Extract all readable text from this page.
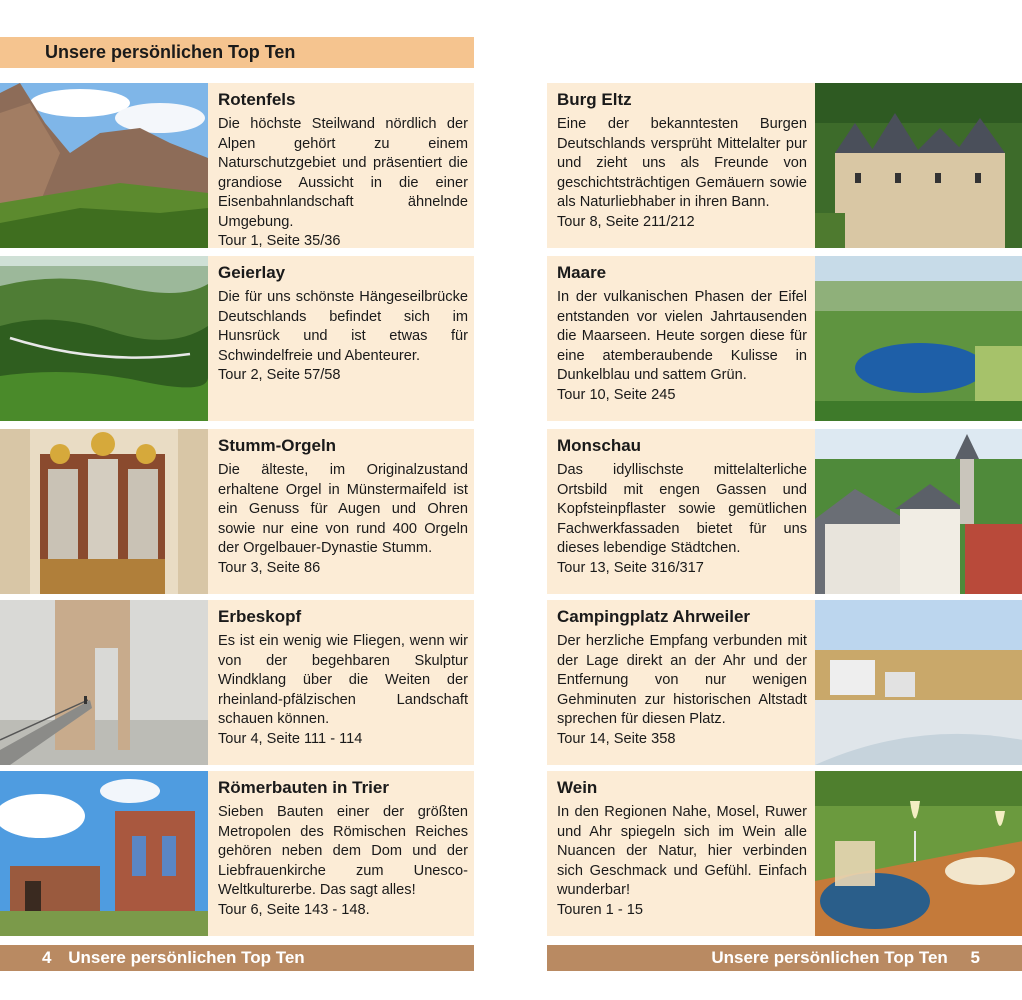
Unsere persönlichen Top Ten
Rotenfels

Die höchste Steilwand nördlich der Alpen gehört zu einem Naturschutzgebiet und präsentiert die grandiose Aussicht in die einer Eisenbahnlandschaft ähnelnde Umgebung.

Tour 1, Seite 35/36
Geierlay

Die für uns schönste Hängeseilbrücke Deutschlands befindet sich im Hunsrück und ist etwas für Schwindelfreie und Abenteurer.

Tour 2, Seite 57/58
Stumm-Orgeln

Die älteste, im Originalzustand erhaltene Orgel in Münstermaifeld ist ein Genuss für Augen und Ohren sowie nur eine von rund 400 Orgeln der Orgelbauer-Dynastie Stumm.

Tour 3, Seite 86
Erbeskopf

Es ist ein wenig wie Fliegen, wenn wir von der begehbaren Skulptur Windklang über die Weiten der rheinland-pfälzischen Landschaft schauen können.

Tour 4, Seite 111 - 114
Römerbauten in Trier

Sieben Bauten einer der größten Metropolen des Römischen Reiches gehören neben dem Dom und der Liebfrauenkirche zum Unesco-Weltkulturerbe. Das sagt alles!

Tour 6, Seite 143 - 148.
Burg Eltz

Eine der bekanntesten Burgen Deutschlands versprüht Mittelalter pur und zieht uns als Freunde von geschichtsträchtigen Gemäuern sowie als Naturliebhaber in ihren Bann.

Tour 8, Seite 211/212
Maare

In der vulkanischen Phasen der Eifel entstanden vor vielen Jahrtausenden die Maarseen. Heute sorgen diese für eine atemberaubende Kulisse in Dunkelblau und sattem Grün.

Tour 10, Seite 245
Monschau

Das idyllischste mittelalterliche Ortsbild mit engen Gassen und Kopfsteinpflaster sowie gemütlichen Fachwerkfassaden bietet für uns dieses lebendige Städtchen.

Tour 13, Seite 316/317
Campingplatz Ahrweiler

Der herzliche Empfang verbunden mit der Lage direkt an der Ahr und der Entfernung von nur wenigen Gehminuten zur historischen Altstadt sprechen für diesen Platz.

Tour 14, Seite 358
Wein

In den Regionen Nahe, Mosel, Ruwer und Ahr spiegeln sich im Wein alle Nuancen der Natur, hier verbinden sich Geschmack und Gefühl. Einfach wunderbar!

Touren 1 - 15
4 Unsere persönlichen Top Ten	Unsere persönlichen Top Ten 5
